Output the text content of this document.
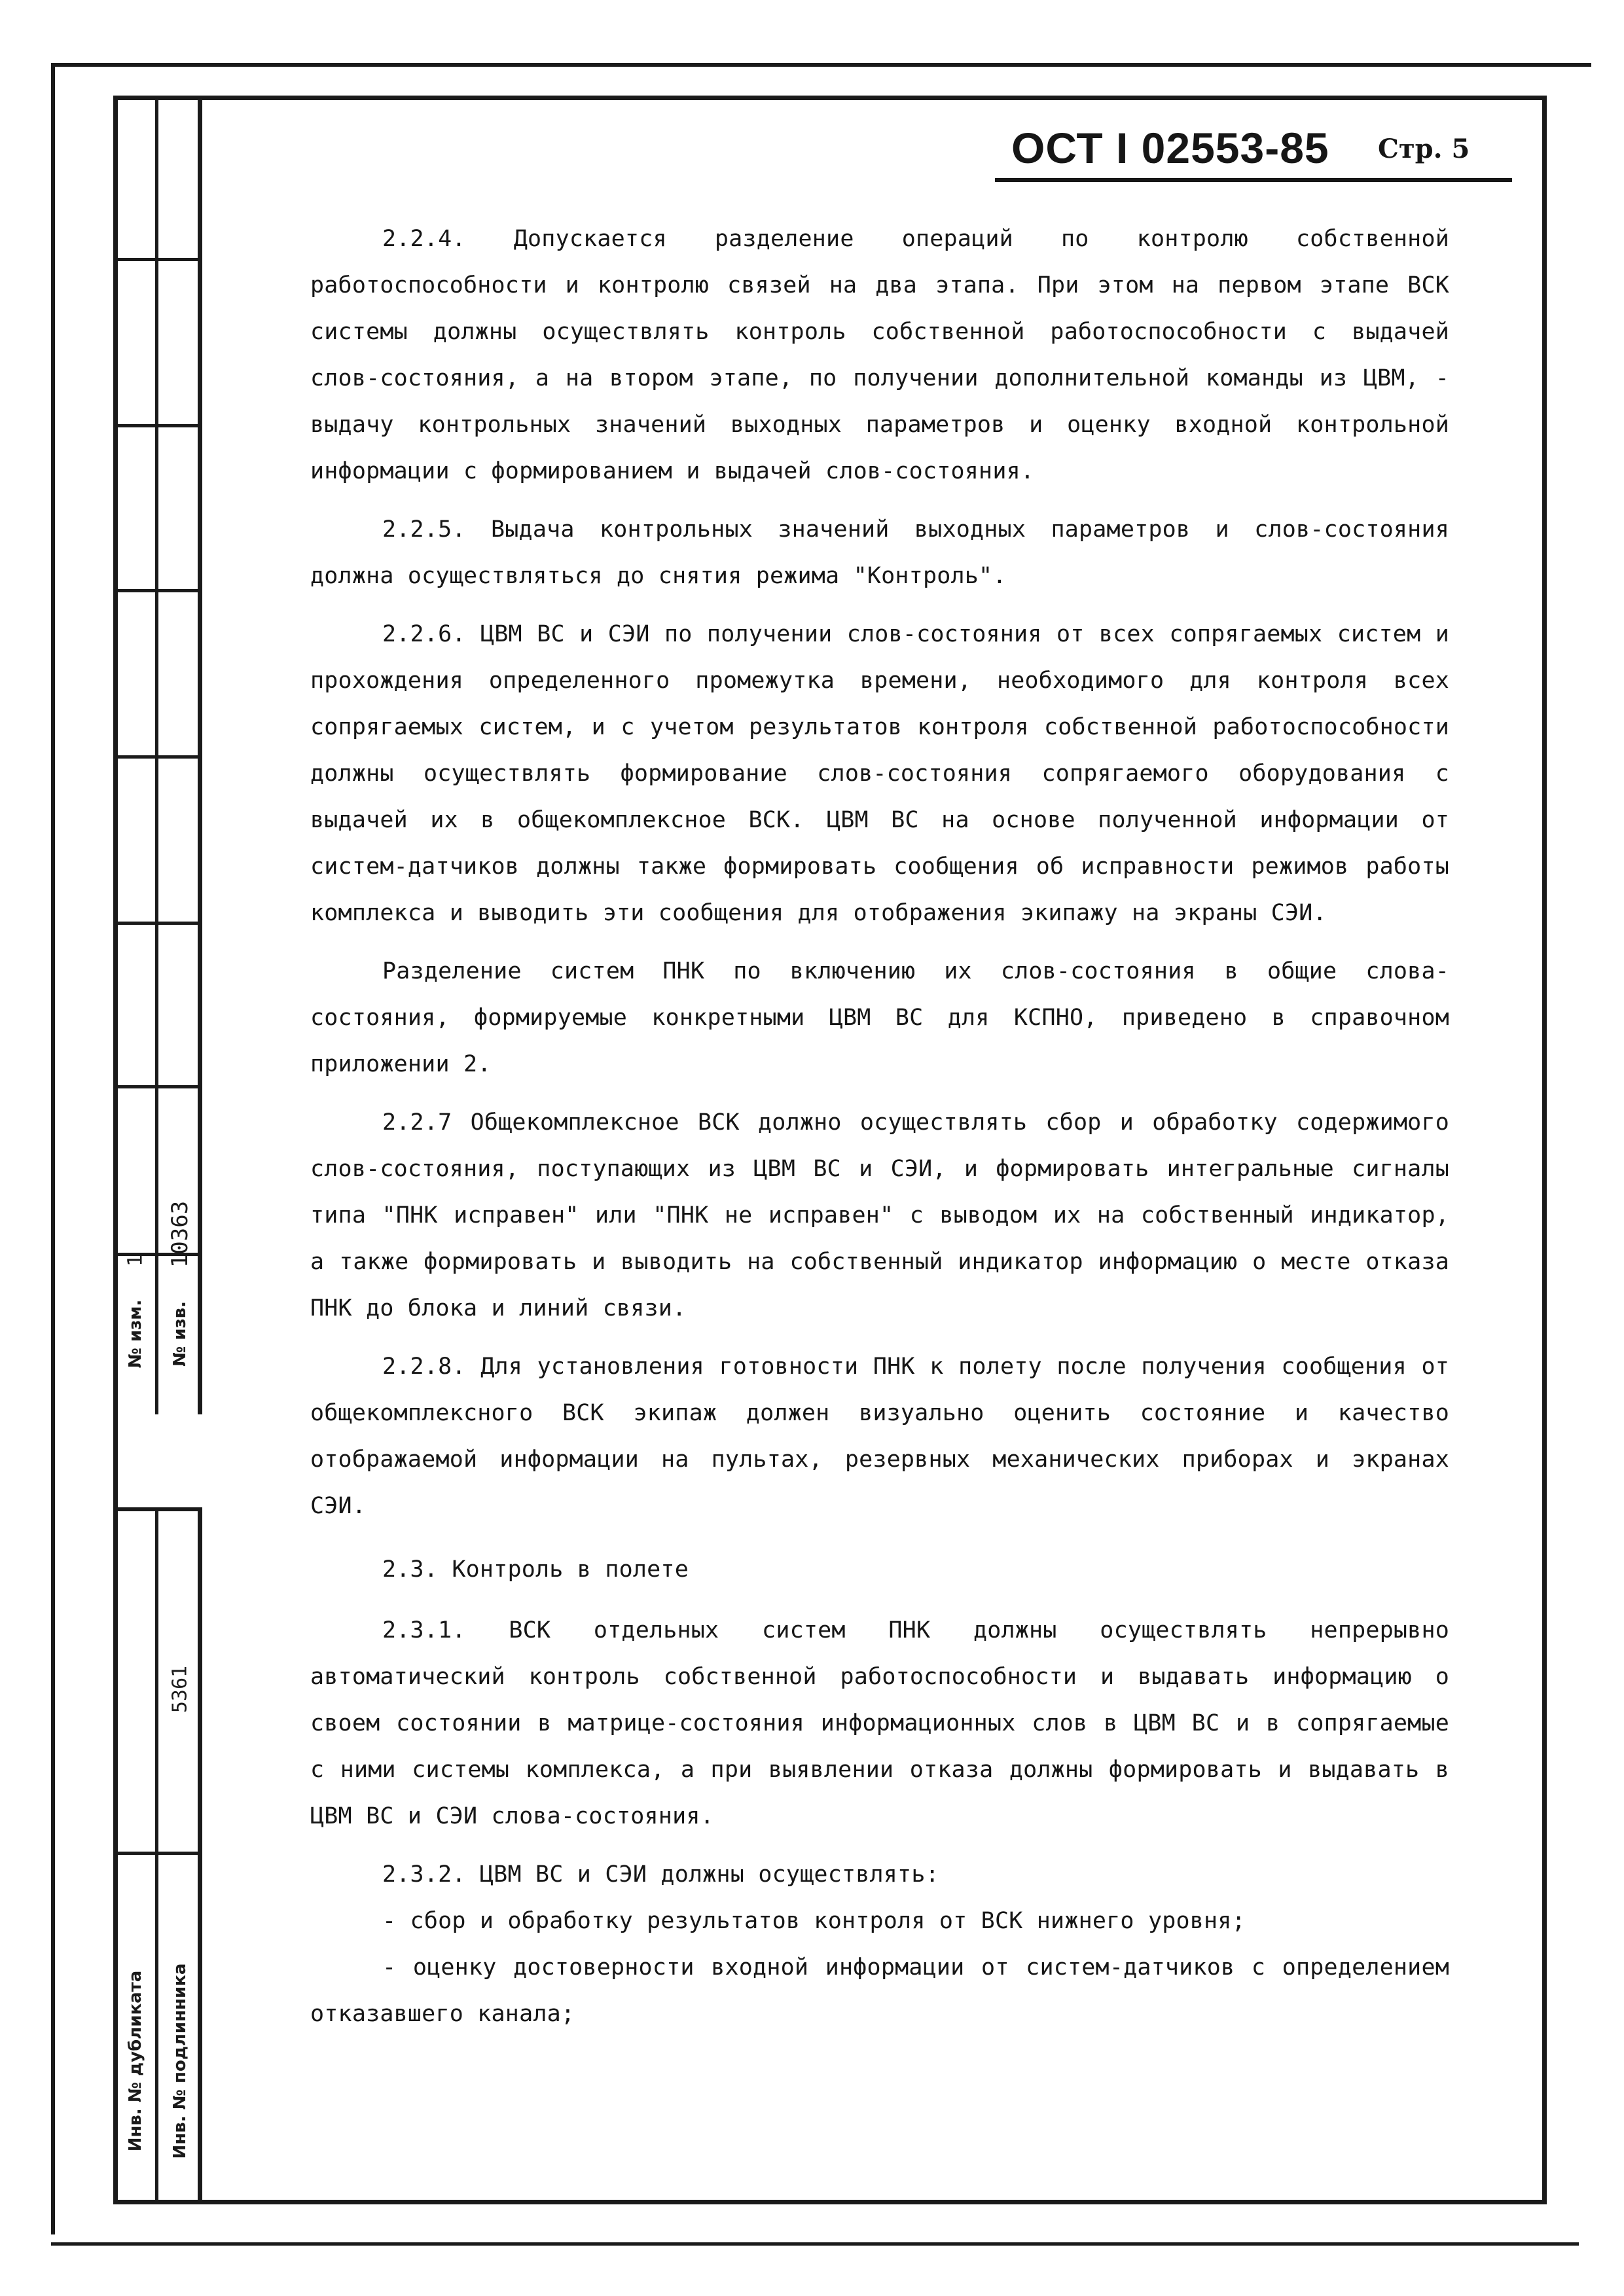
№ изм.
1
№ изв.
10363
5361
Инв. № дубликата Инв. № подлинника
ОСТ I 02553-85 Стр. 5

2.2.4. Допускается разделение операций по контролю собственной работоспособности и контролю связей на два этапа. При этом на первом этапе ВСК системы должны осуществлять контроль собственной работоспособности с выдачей слов-состояния, а на втором этапе, по получении дополнительной команды из ЦВМ, - выдачу контрольных значений выходных параметров и оценку входной контрольной информации с формированием и выдачей слов-состояния.

2.2.5. Выдача контрольных значений выходных параметров и слов-состояния должна осуществляться до снятия режима "Контроль".

2.2.6. ЦВМ ВС и СЭИ по получении слов-состояния от всех сопрягаемых систем и прохождения определенного промежутка времени, необходимого для контроля всех сопрягаемых систем, и с учетом результатов контроля собственной работоспособности должны осуществлять формирование слов-состояния сопрягаемого оборудования с выдачей их в общекомплексное ВСК. ЦВМ ВС на основе полученной информации от систем-датчиков должны также формировать сообщения об исправности режимов работы комплекса и выводить эти сообщения для отображения экипажу на экраны СЭИ.

Разделение систем ПНК по включению их слов-состояния в общие слова-состояния, формируемые конкретными ЦВМ ВС для КСПНО, приведено в справочном приложении 2.

2.2.7 Общекомплексное ВСК должно осуществлять сбор и обработку содержимого слов-состояния, поступающих из ЦВМ ВС и СЭИ, и формировать интегральные сигналы типа "ПНК исправен" или "ПНК не исправен" с выводом их на собственный индикатор, а также формировать и выводить на собственный индикатор информацию о месте отказа ПНК до блока и линий связи.

2.2.8. Для установления готовности ПНК к полету после получения сообщения от общекомплексного ВСК экипаж должен визуально оценить состояние и качество отображаемой информации на пультах, резервных механических приборах и экранах СЭИ.

2.3. Контроль в полете

2.3.1. ВСК отдельных систем ПНК должны осуществлять непрерывно автоматический контроль собственной работоспособности и выдавать информацию о своем состоянии в матрице-состояния информационных слов в ЦВМ ВС и в сопрягаемые с ними системы комплекса, а при выявлении отказа должны формировать и выдавать в ЦВМ ВС и СЭИ слова-состояния.

2.3.2. ЦВМ ВС и СЭИ должны осуществлять:

- сбор и обработку результатов контроля от ВСК нижнего уровня;

- оценку достоверности входной информации от систем-датчиков с определением отказавшего канала;
